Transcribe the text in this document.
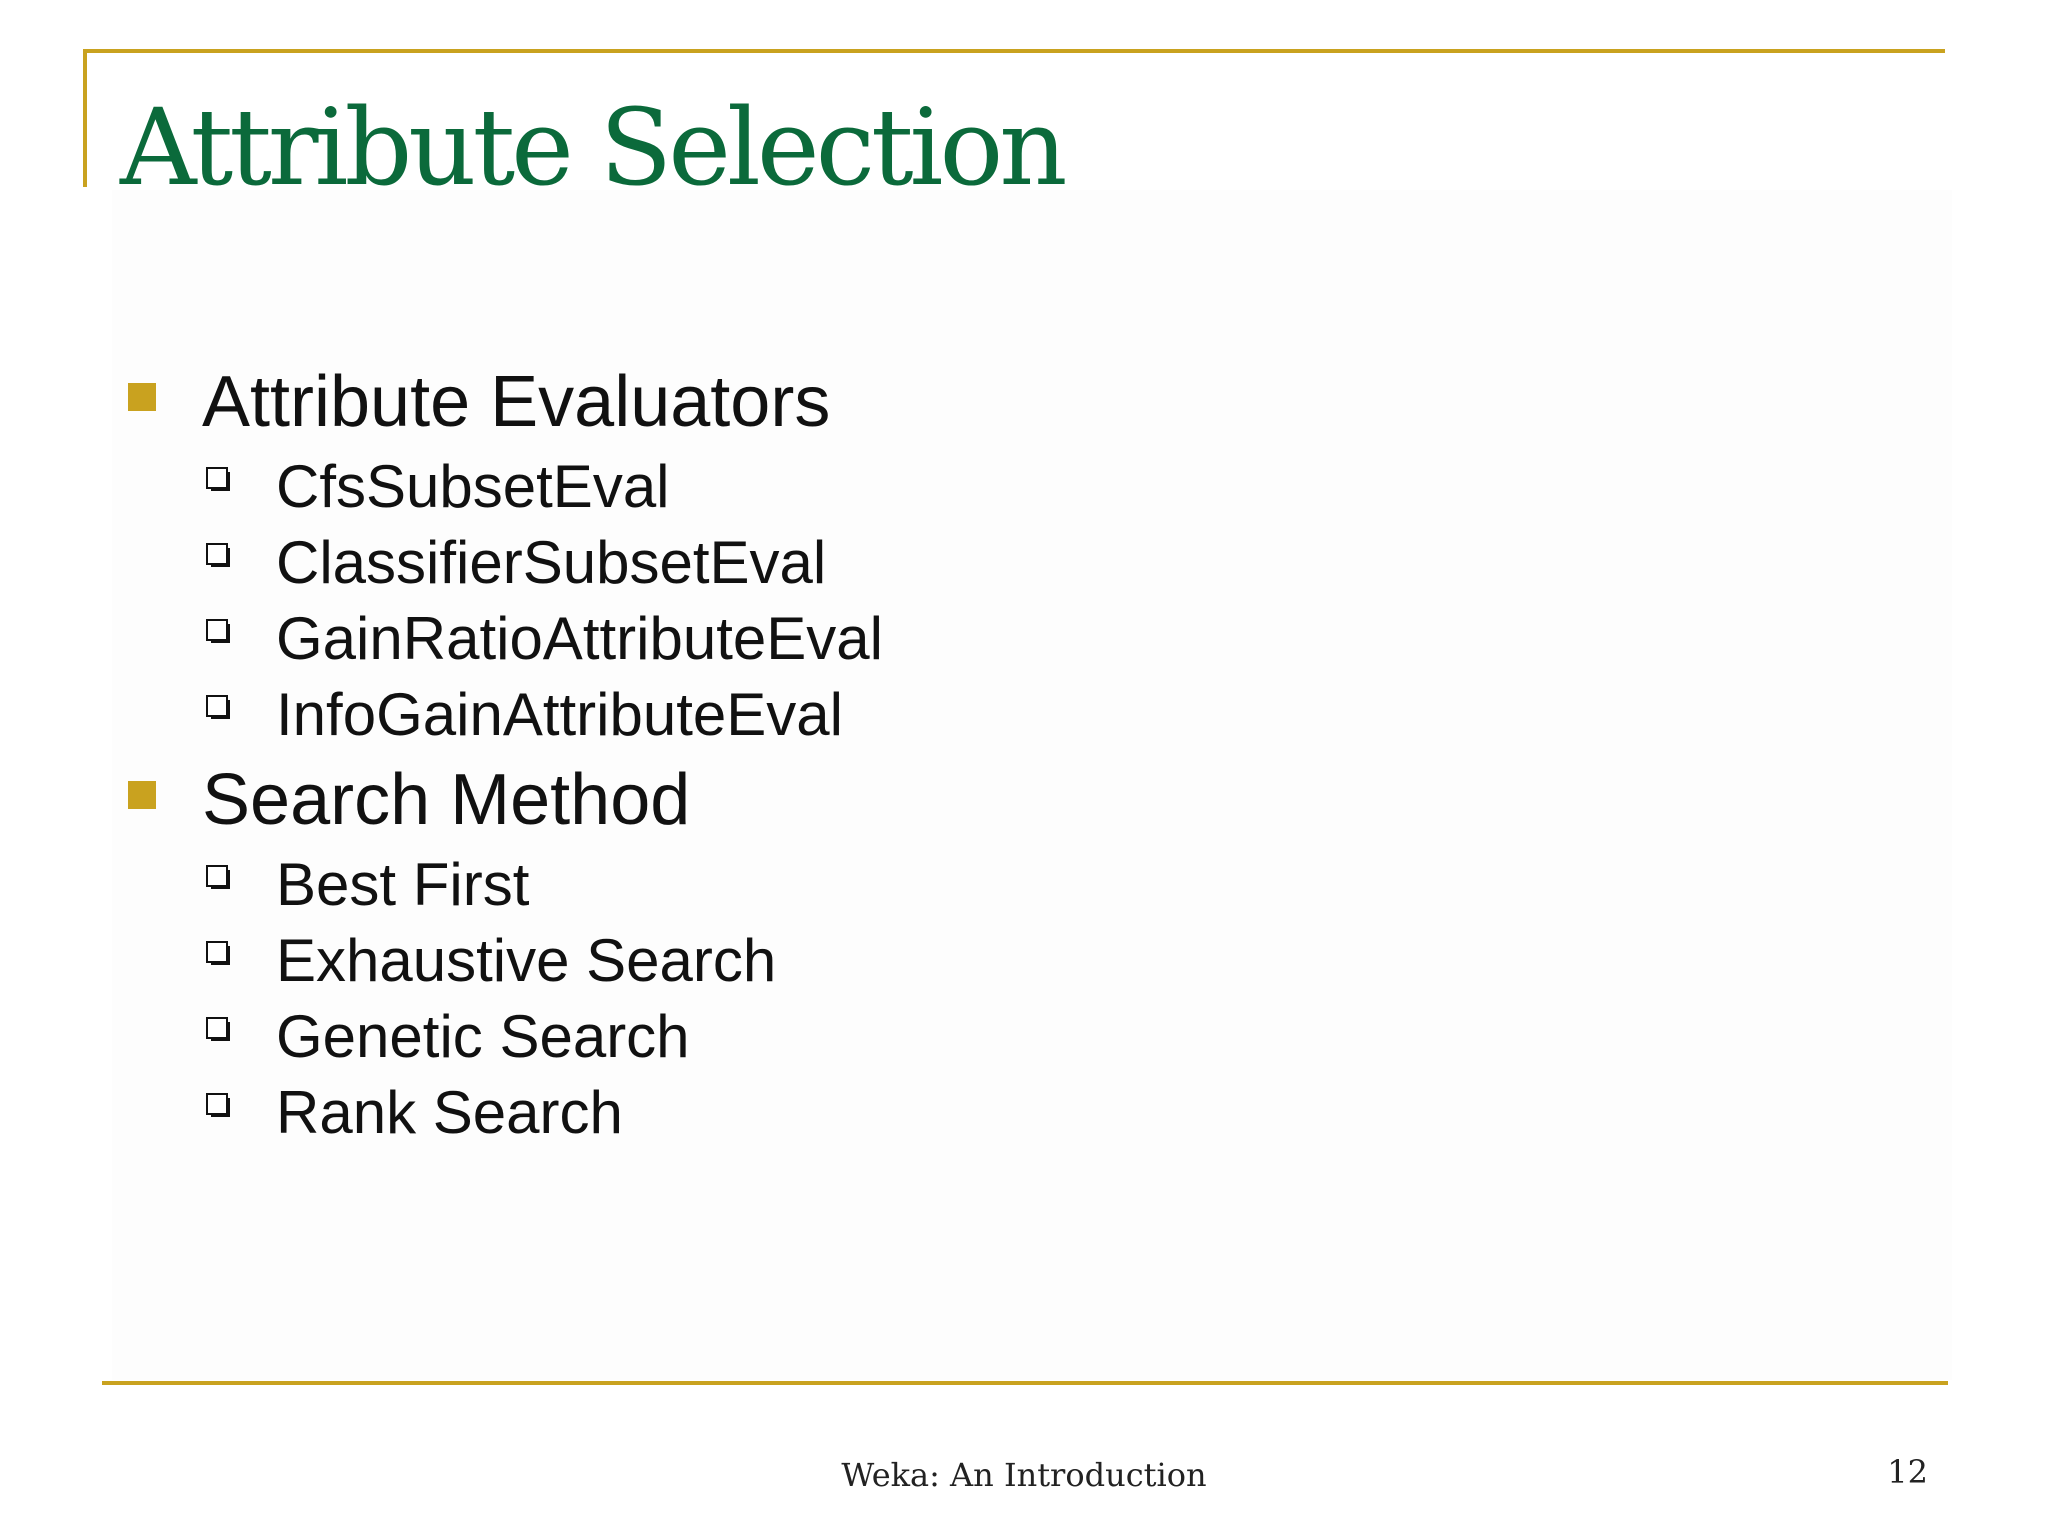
Attribute Selection
Attribute Evaluators
CfsSubsetEval
ClassifierSubsetEval
GainRatioAttributeEval
InfoGainAttributeEval
Search Method
Best First
Exhaustive Search
Genetic Search
Rank Search
Weka: An Introduction	12
